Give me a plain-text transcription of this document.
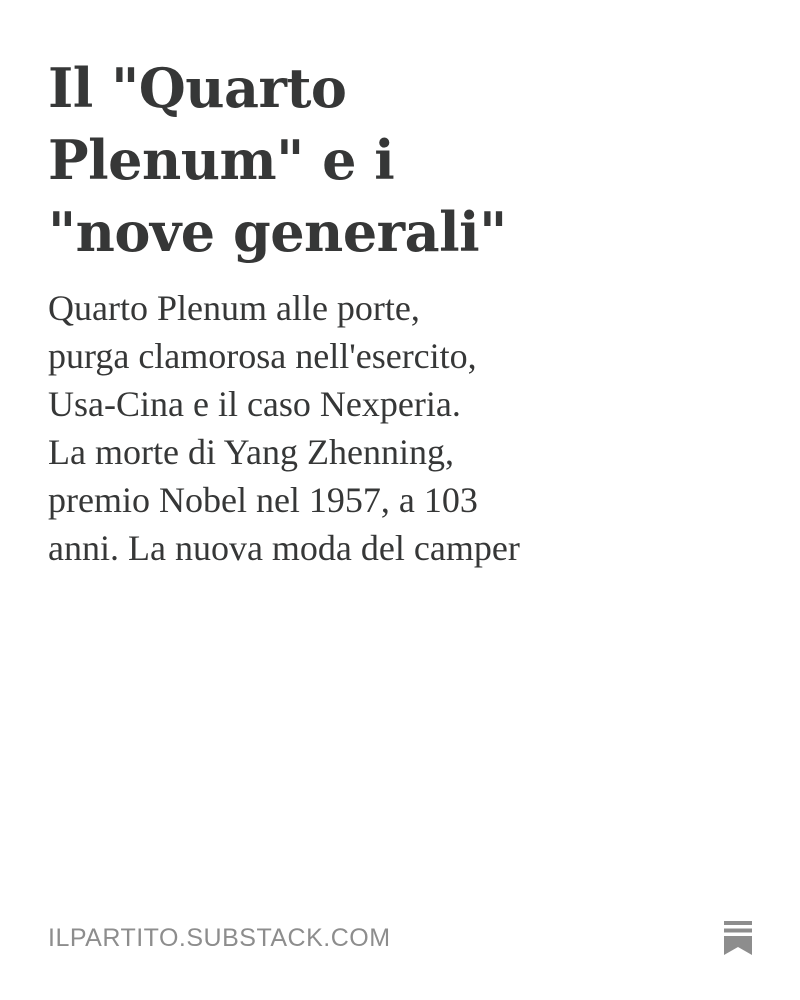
Il "Quarto
Plenum" e i
"nove generali"

Quarto Plenum alle porte,
purga clamorosa nell'esercito,
Usa-Cina e il caso Nexperia.
La morte di Yang Zhenning,
premio Nobel nel 1957, a 103
anni. La nuova moda del camper

ILPARTITO.SUBSTACK.COM
